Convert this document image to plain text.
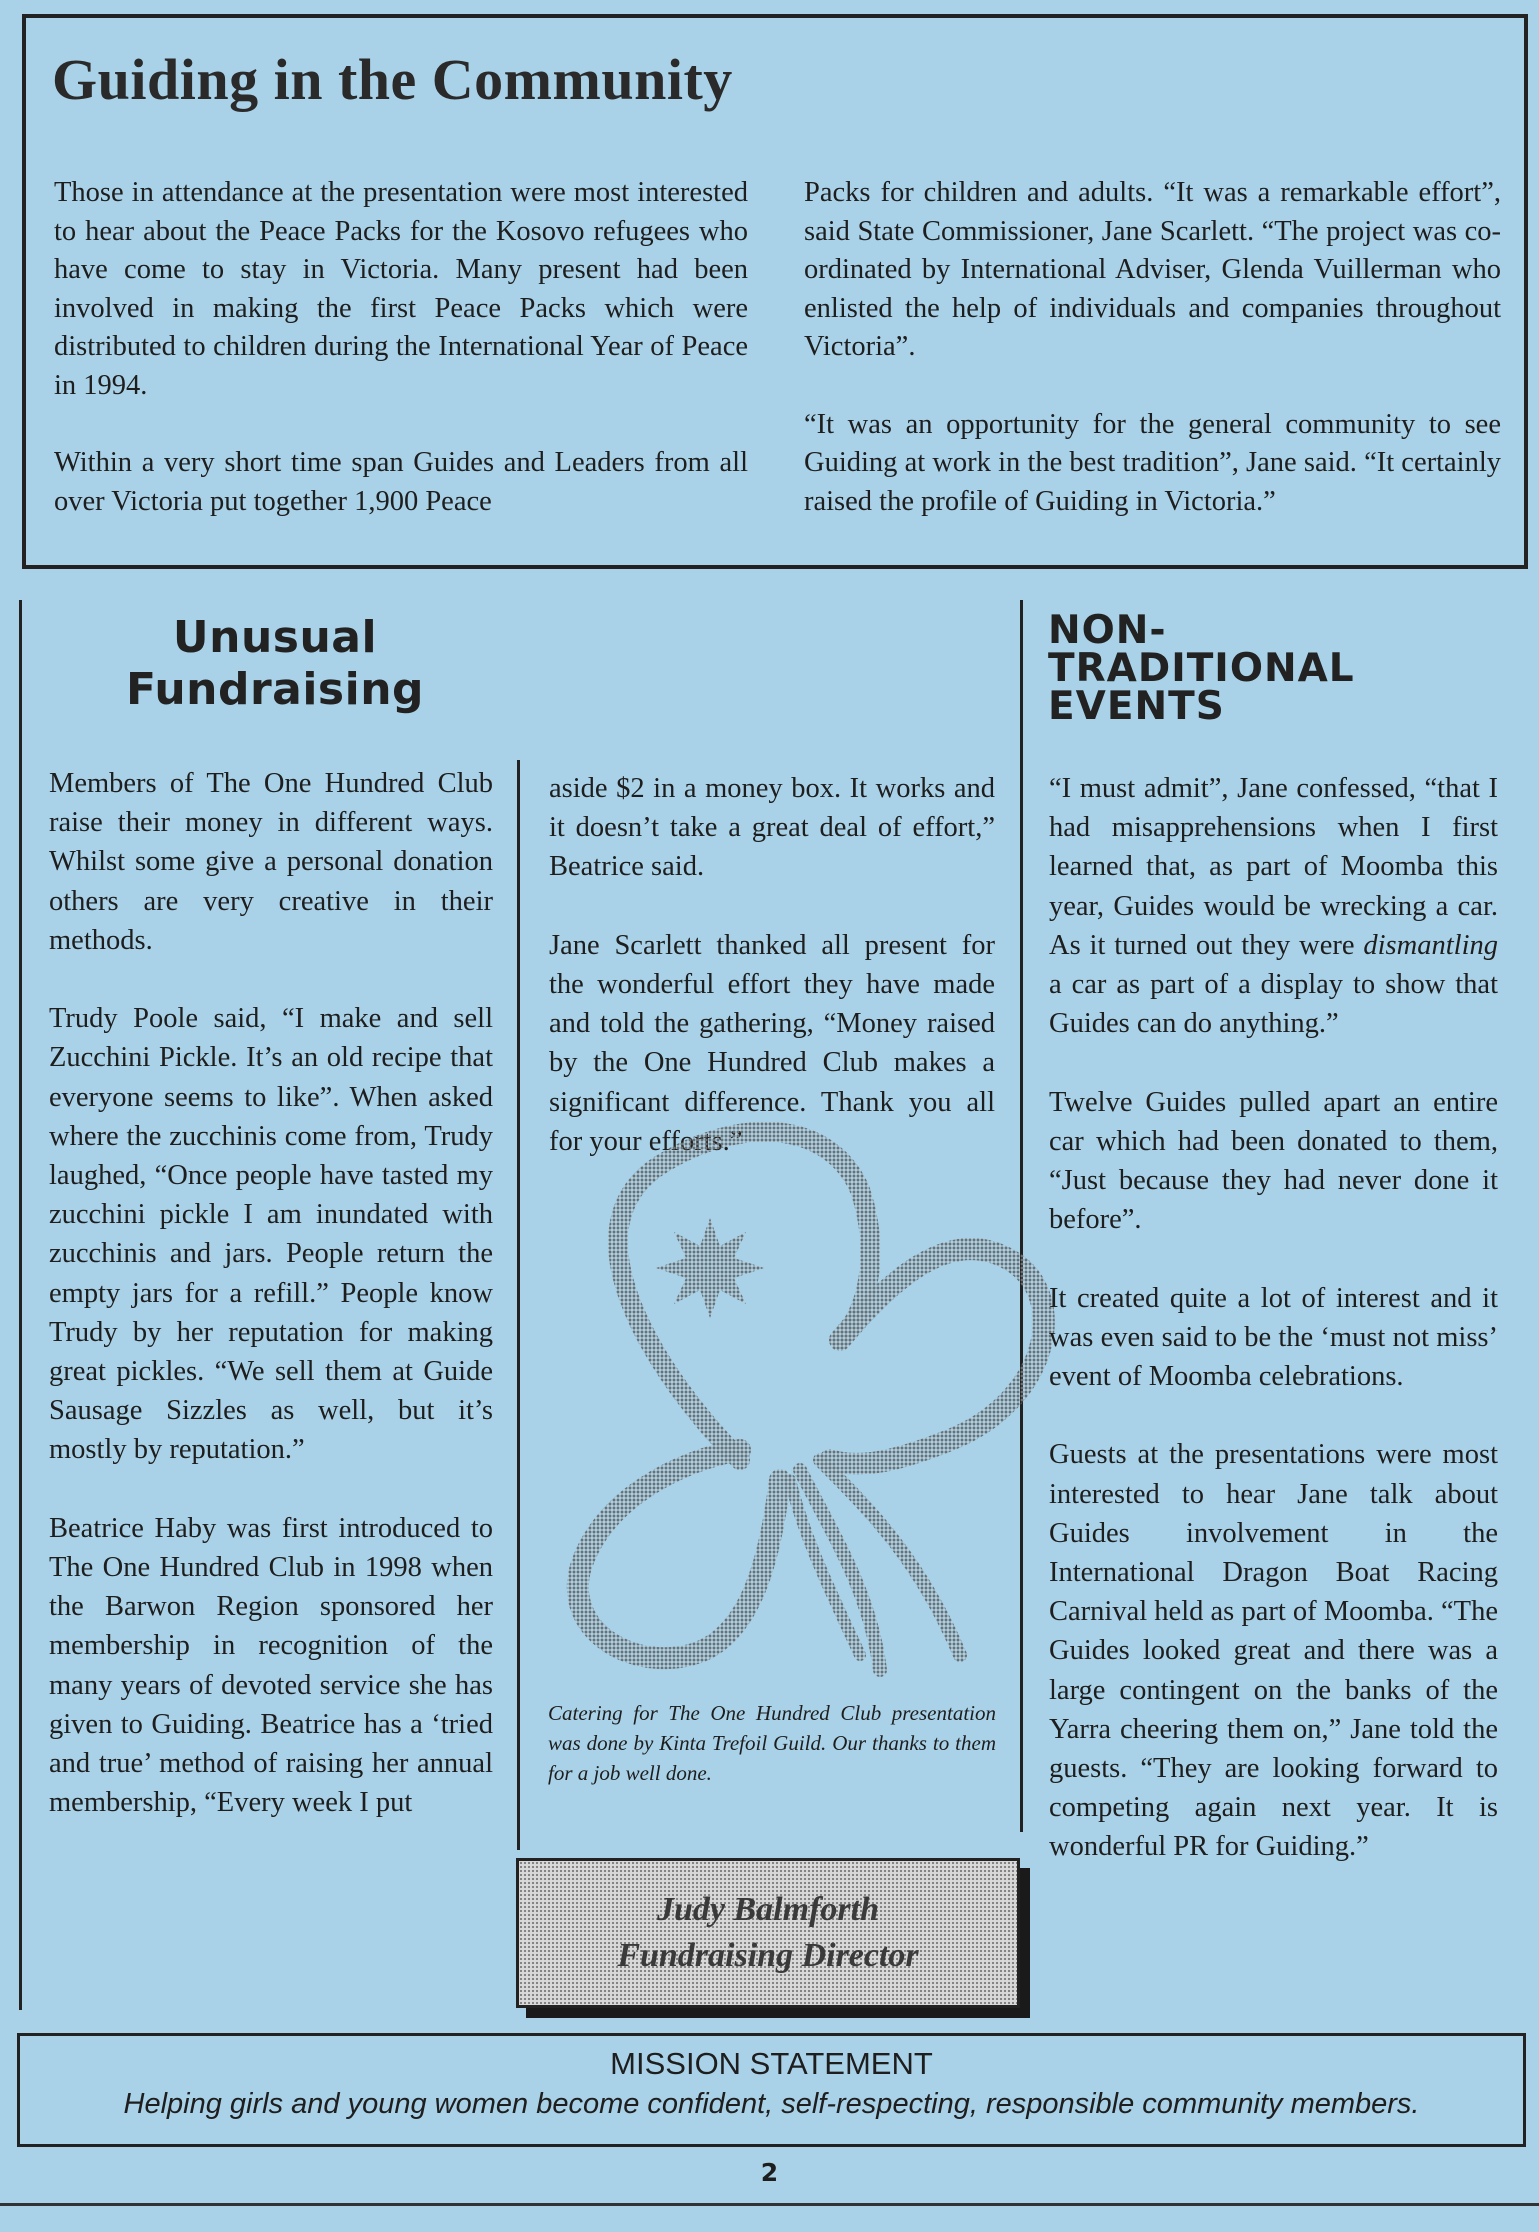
Guiding in the Community

Those in attendance at the presentation were most interested to hear about the Peace Packs for the Kosovo refugees who have come to stay in Victoria. Many present had been involved in making the first Peace Packs which were distributed to children during the International Year of Peace in 1994.

Within a very short time span Guides and Leaders from all over Victoria put together 1,900 Peace

Packs for children and adults. “It was a remarkable effort”, said State Commissioner, Jane Scarlett. “The project was co-ordinated by International Adviser, Glenda Vuillerman who enlisted the help of individuals and companies throughout Victoria”.

“It was an opportunity for the general community to see Guiding at work in the best tradition”, Jane said. “It certainly raised the profile of Guiding in Victoria.”

Unusual
Fundraising

Members of The One Hundred Club raise their money in different ways. Whilst some give a personal donation others are very creative in their methods.

Trudy Poole said, “I make and sell Zucchini Pickle. It’s an old recipe that everyone seems to like”. When asked where the zucchinis come from, Trudy laughed, “Once people have tasted my zucchini pickle I am inundated with zucchinis and jars. People return the empty jars for a refill.” People know Trudy by her reputation for making great pickles. “We sell them at Guide Sausage Sizzles as well, but it’s mostly by reputation.”

Beatrice Haby was first introduced to The One Hundred Club in 1998 when the Barwon Region sponsored her membership in recognition of the many years of devoted service she has given to Guiding. Beatrice has a ‘tried and true’ method of raising her annual membership, “Every week I put

aside $2 in a money box. It works and it doesn’t take a great deal of effort,” Beatrice said.

Jane Scarlett thanked all present for the wonderful effort they have made and told the gathering, “Money raised by the One Hundred Club makes a significant difference. Thank you all for your efforts.”

Catering for The One Hundred Club presentation was done by Kinta Trefoil Guild. Our thanks to them for a job well done.
Judy Balmforth
Fundraising Director
NON-
TRADITIONAL
EVENTS

“I must admit”, Jane confessed, “that I had misapprehensions when I first learned that, as part of Moomba this year, Guides would be wrecking a car. As it turned out they were dismantling a car as part of a display to show that Guides can do anything.”

Twelve Guides pulled apart an entire car which had been donated to them, “Just because they had never done it before”.

It created quite a lot of interest and it was even said to be the ‘must not miss’ event of Moomba celebrations.

Guests at the presentations were most interested to hear Jane talk about Guides involvement in the International Dragon Boat Racing Carnival held as part of Moomba. “The Guides looked great and there was a large contingent on the banks of the Yarra cheering them on,” Jane told the guests. “They are looking forward to competing again next year. It is wonderful PR for Guiding.”

MISSION STATEMENT
Helping girls and young women become confident, self-respecting, responsible community members.
2
